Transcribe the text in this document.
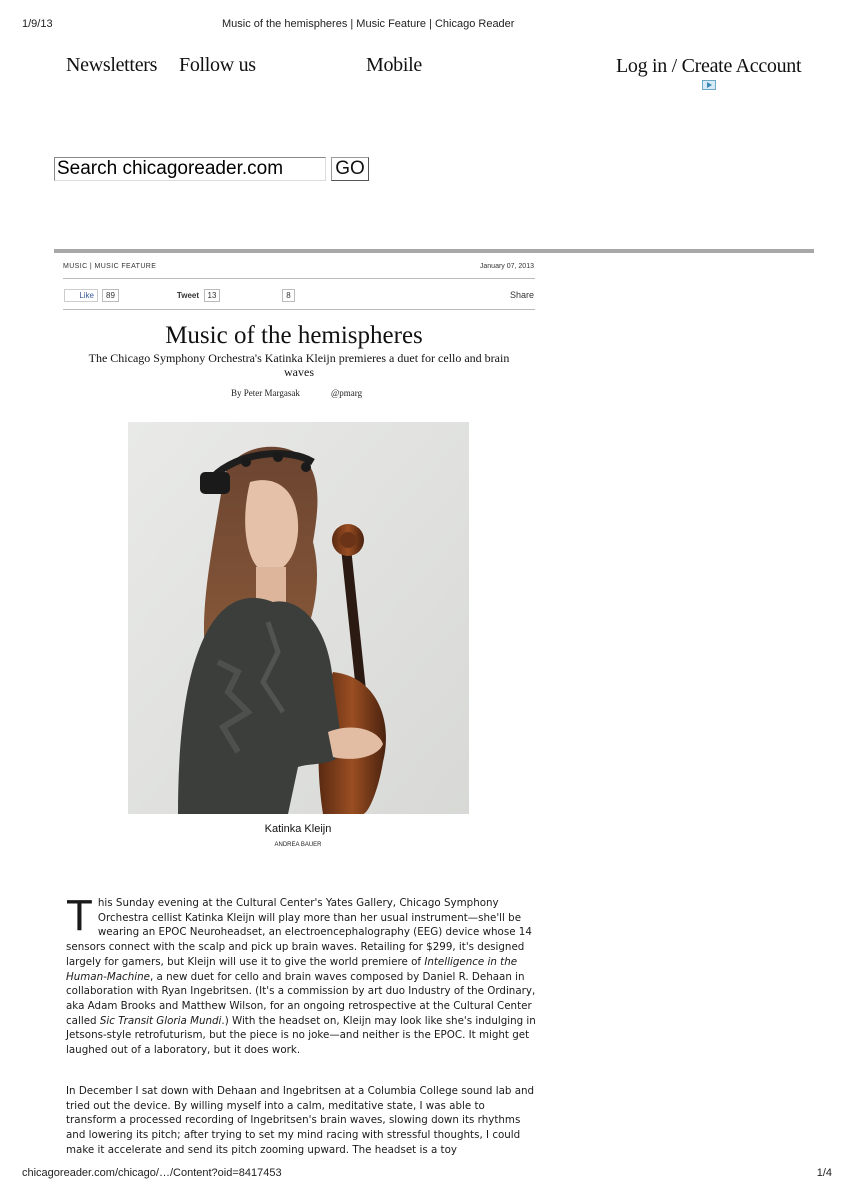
1/9/13	Music of the hemispheres | Music Feature | Chicago Reader
Newsletters Follow us	Mobile	Log in / Create Account
Search chicagoreader.com	GO
MUSIC | MUSIC FEATURE	January 07, 2013
Like	89	Tweet	13	8	Share
Music of the hemispheres
The Chicago Symphony Orchestra's Katinka Kleijn premieres a duet for cello and brain waves
By Peter Margasak	@pmarg
Katinka Kleijn
ANDREA BAUER

This Sunday evening at the Cultural Center's Yates Gallery, Chicago Symphony Orchestra cellist Katinka Kleijn will play more than her usual instrument—she'll be wearing an EPOC Neuroheadset, an electroencephalography (EEG) device whose 14 sensors connect with the scalp and pick up brain waves. Retailing for $299, it's designed largely for gamers, but Kleijn will use it to give the world premiere of Intelligence in the Human-Machine, a new duet for cello and brain waves composed by Daniel R. Dehaan in collaboration with Ryan Ingebritsen. (It's a commission by art duo Industry of the Ordinary, aka Adam Brooks and Matthew Wilson, for an ongoing retrospective at the Cultural Center called Sic Transit Gloria Mundi.) With the headset on, Kleijn may look like she's indulging in Jetsons-style retrofuturism, but the piece is no joke—and neither is the EPOC. It might get laughed out of a laboratory, but it does work.

In December I sat down with Dehaan and Ingebritsen at a Columbia College sound lab and tried out the device. By willing myself into a calm, meditative state, I was able to transform a processed recording of Ingebritsen's brain waves, slowing down its rhythms and lowering its pitch; after trying to set my mind racing with stressful thoughts, I could make it accelerate and send its pitch zooming upward. The headset is a toy

chicagoreader.com/chicago/…/Content?oid=8417453	1/4
